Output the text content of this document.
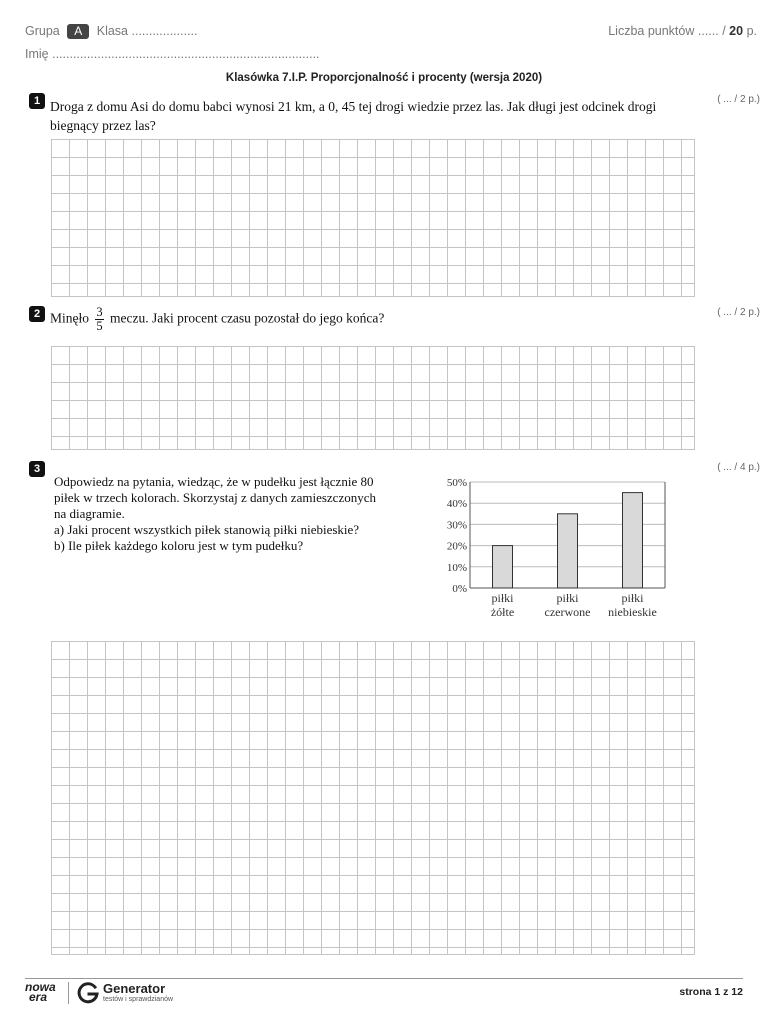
Grupa A Klasa ...................
Imię .............................................................................
Liczba punktów ...... / 20 p.
Klasówka 7.I.P. Proporcjonalność i procenty (wersja 2020)
1 Droga z domu Asi do domu babci wynosi 21 km, a 0, 45 tej drogi wiedzie przez las. Jak długi jest odcinek drogi biegnący przez las?
( ... / 2 p.)
2 Minęło $\frac{3}{5}$ meczu. Jaki procent czasu pozostał do jego końca?	( ... / 2 p.)
3
Odpowiedz na pytania, wiedząc, że w pudełku jest łącznie 80
piłek w trzech kolorach. Skorzystaj z danych zamieszczonych
na diagramie.
a) Jaki procent wszystkich piłek stanowią piłki niebieskie?
b) Ile piłek każdego koloru jest w tym pudełku?
( ... / 4 p.)
0%
10%
20%
30%
40%
50%
piłki
żółte
piłki
czerwone
piłki
niebieskie
nowa
era
Generator
testów i sprawdzianów
strona 1 z 12
